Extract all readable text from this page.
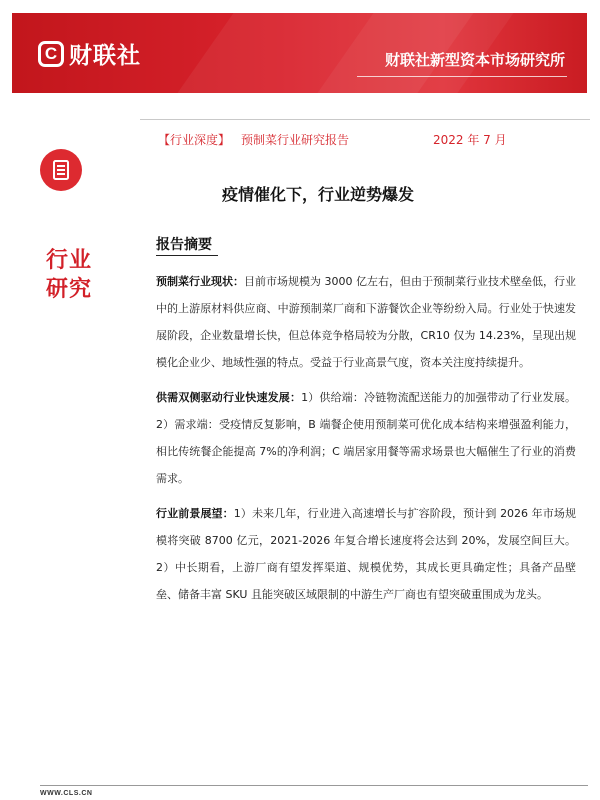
C 财联社	财联社新型资本市场研究所
【行业深度】 预制菜行业研究报告	2022 年 7 月
行业
研究
疫情催化下，行业逆势爆发
报告摘要

预制菜行业现状：目前市场规模为 3000 亿左右，但由于预制菜行业技术壁垒低，行业中的上游原材料供应商、中游预制菜厂商和下游餐饮企业等纷纷入局。行业处于快速发展阶段，企业数量增长快，但总体竞争格局较为分散，CR10 仅为 14.23%，呈现出规模化企业少、地域性强的特点。受益于行业高景气度，资本关注度持续提升。

供需双侧驱动行业快速发展：1）供给端：冷链物流配送能力的加强带动了行业发展。2）需求端：受疫情反复影响，B 端餐企使用预制菜可优化成本结构来增强盈利能力，相比传统餐企能提高 7%的净利润；C 端居家用餐等需求场景也大幅催生了行业的消费需求。

行业前景展望：1）未来几年，行业进入高速增长与扩容阶段，预计到 2026 年市场规模将突破 8700 亿元，2021-2026 年复合增长速度将会达到 20%，发展空间巨大。2）中长期看，上游厂商有望发挥渠道、规模优势，其成长更具确定性；具备产品壁垒、储备丰富 SKU 且能突破区域限制的中游生产厂商也有望突破重围成为龙头。

WWW.CLS.CN
